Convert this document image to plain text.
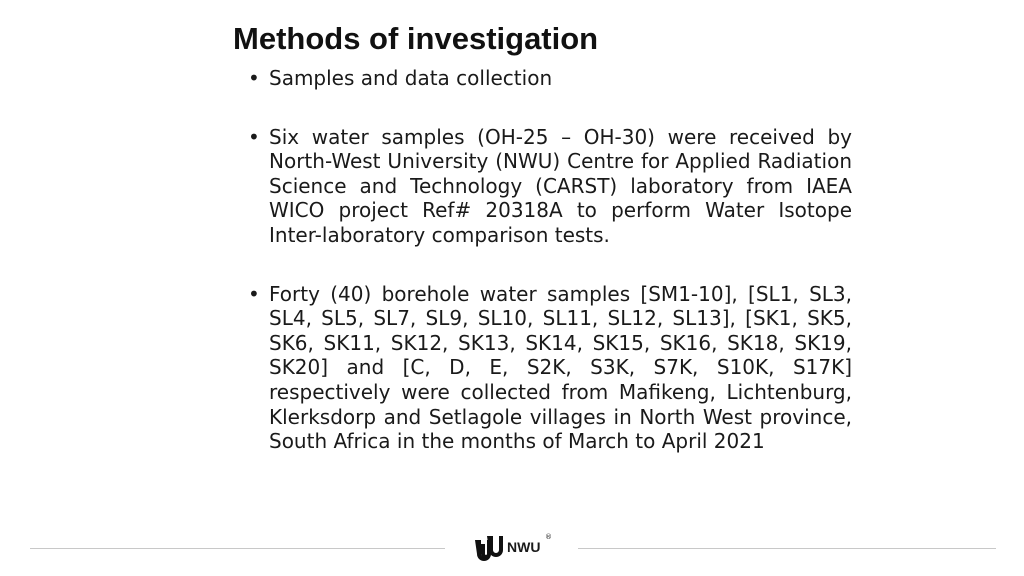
Methods of investigation
• Samples and data collection
• Six water samples (OH-25 – OH-30) were received by North-West University (NWU) Centre for Applied Radiation Science and Technology (CARST) laboratory from IAEA WICO project Ref# 20318A to perform Water Isotope Inter-laboratory comparison tests.
• Forty (40) borehole water samples [SM1-10], [SL1, SL3, SL4, SL5, SL7, SL9, SL10, SL11, SL12, SL13], [SK1, SK5, SK6, SK11, SK12, SK13, SK14, SK15, SK16, SK18, SK19, SK20] and [C, D, E, S2K, S3K, S7K, S10K, S17K] respectively were collected from Mafikeng, Lichtenburg, Klerksdorp and Setlagole villages in North West province, South Africa in the months of March to April 2021
NWU
®
